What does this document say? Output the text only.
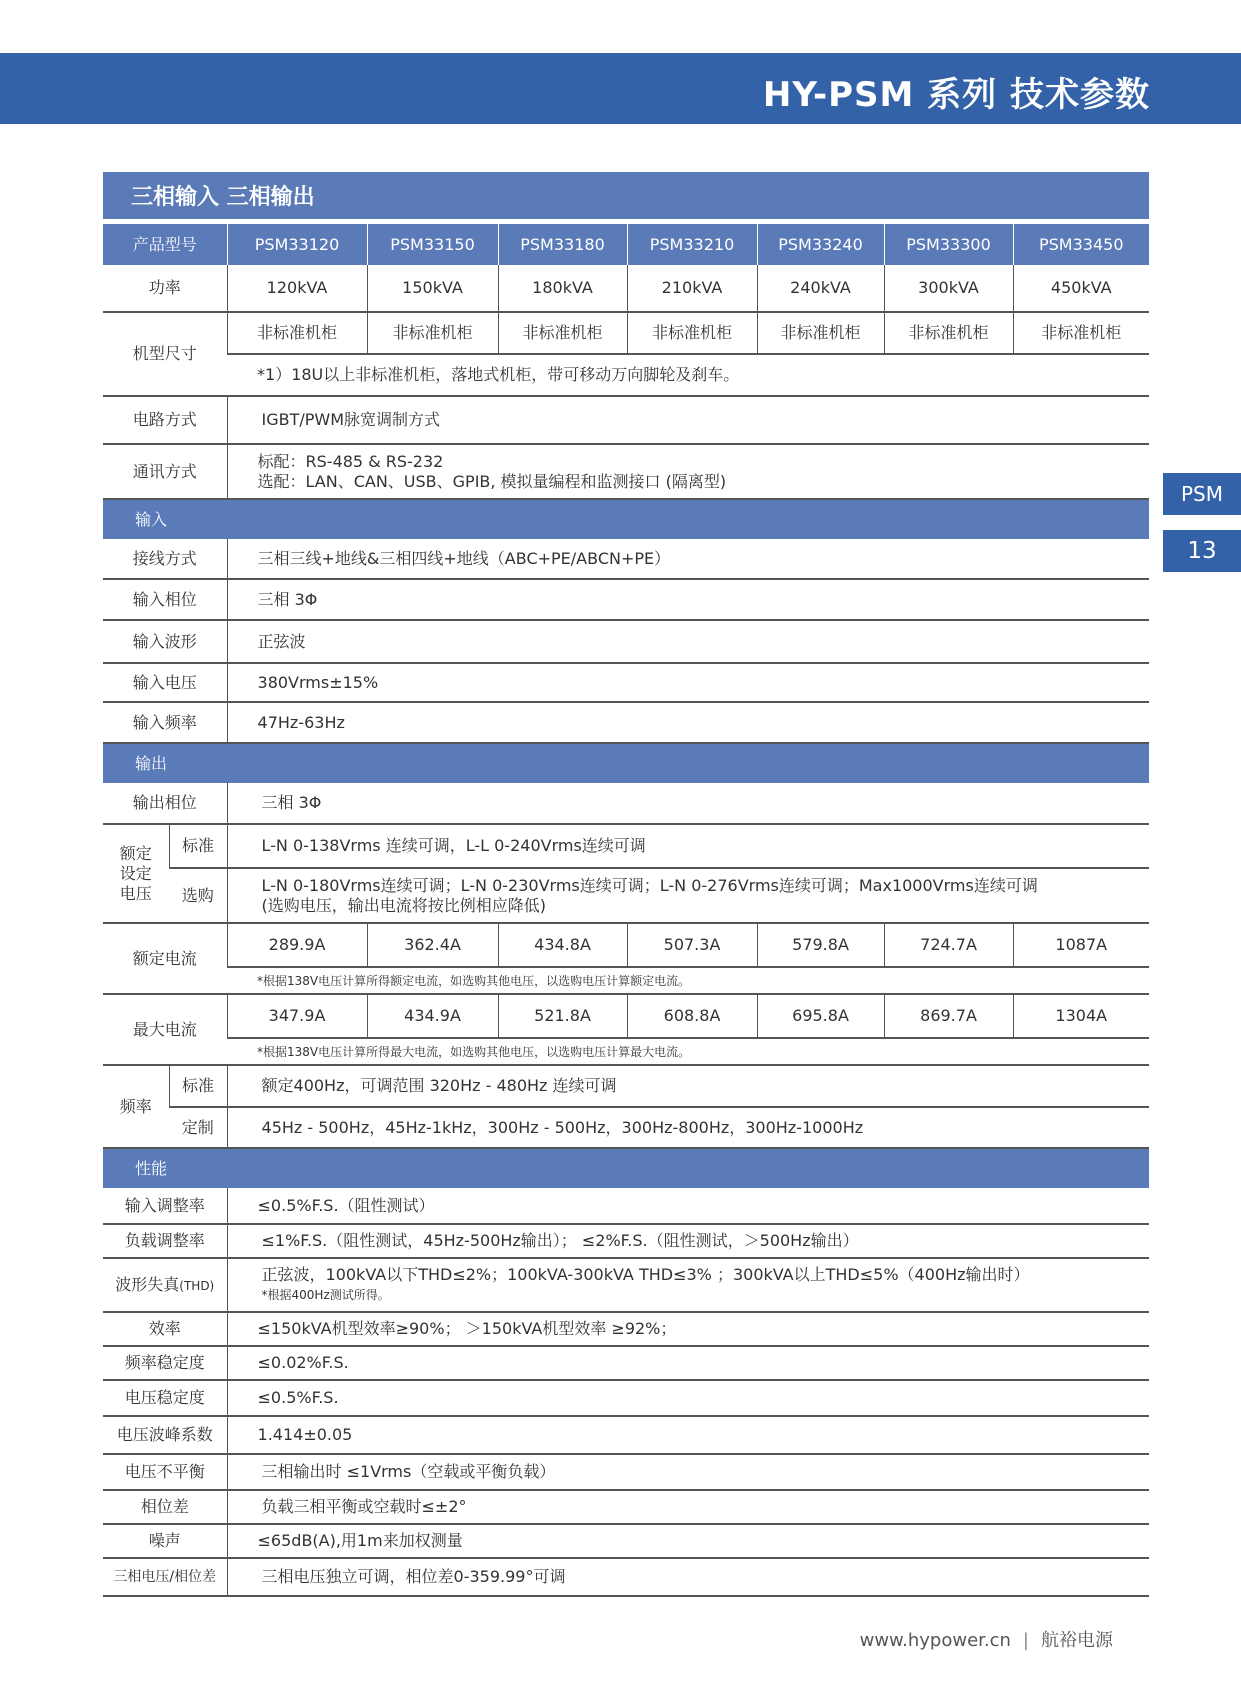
HY-PSM 系列 技术参数
PSM
13
三相输入 三相输出
产品型号		PSM33120	PSM33150	PSM33180	PSM33210	PSM33240	PSM33300	PSM33450
功率		120kVA	150kVA	180kVA	210kVA	240kVA	300kVA	450kVA
机型尺寸		非标准机柜	非标准机柜	非标准机柜	非标准机柜	非标准机柜	非标准机柜	非标准机柜
		*1）18U以上非标准机柜，落地式机柜，带可移动万向脚轮及刹车。						
电路方式		IGBT/PWM脉宽调制方式						
通讯方式		标配：RS-485 & RS-232
选配：LAN、CAN、USB、GPIB, 模拟量编程和监测接口 (隔离型)						

输入								
接线方式		三相三线+地线&三相四线+地线（ABC+PE/ABCN+PE）						
输入相位		三相 3Φ						
输入波形		正弦波						
输入电压		380Vrms±15%						
输入频率		47Hz-63Hz						
输出								
输出相位		三相 3Φ						

额定
设定
电压	标准	L-N 0-138Vrms 连续可调，L-L 0-240Vrms连续可调						
	选购	L-N 0-180Vrms连续可调；L-N 0-230Vrms连续可调；L-N 0-276Vrms连续可调；Max1000Vrms连续可调
(选购电压，输出电流将按比例相应降低)						

额定电流		289.9A	362.4A	434.8A	507.3A	579.8A	724.7A	1087A
		*根据138V电压计算所得额定电流，如选购其他电压，以选购电压计算额定电流。						
最大电流		347.9A	434.9A	521.8A	608.8A	695.8A	869.7A	1304A
		*根据138V电压计算所得最大电流，如选购其他电压，以选购电压计算最大电流。						
频率	标准	额定400Hz，可调范围 320Hz - 480Hz 连续可调						
	定制	45Hz - 500Hz，45Hz-1kHz，300Hz - 500Hz，300Hz-800Hz，300Hz-1000Hz						
性能								
输入调整率		≤0.5%F.S.（阻性测试）						
负载调整率		≤1%F.S.（阻性测试，45Hz-500Hz输出）； ≤2%F.S.（阻性测试，＞500Hz输出）						
波形失真(THD)		正弦波，100kVA以下THD≤2%；100kVA-300kVA THD≤3% ；300kVA以上THD≤5%（400Hz输出时）
*根据400Hz测试所得。						

效率		≤150kVA机型效率≥90%； ＞150kVA机型效率 ≥92%；						
频率稳定度		≤0.02%F.S.						
电压稳定度		≤0.5%F.S.						
电压波峰系数		1.414±0.05						
电压不平衡		三相输出时 ≤1Vrms（空载或平衡负载）						
相位差		负载三相平衡或空载时≤±2°						
噪声		≤65dB(A),用1m来加权测量						
三相电压/相位差		三相电压独立可调，相位差0-359.99°可调						
www.hypower.cn | 航裕电源
